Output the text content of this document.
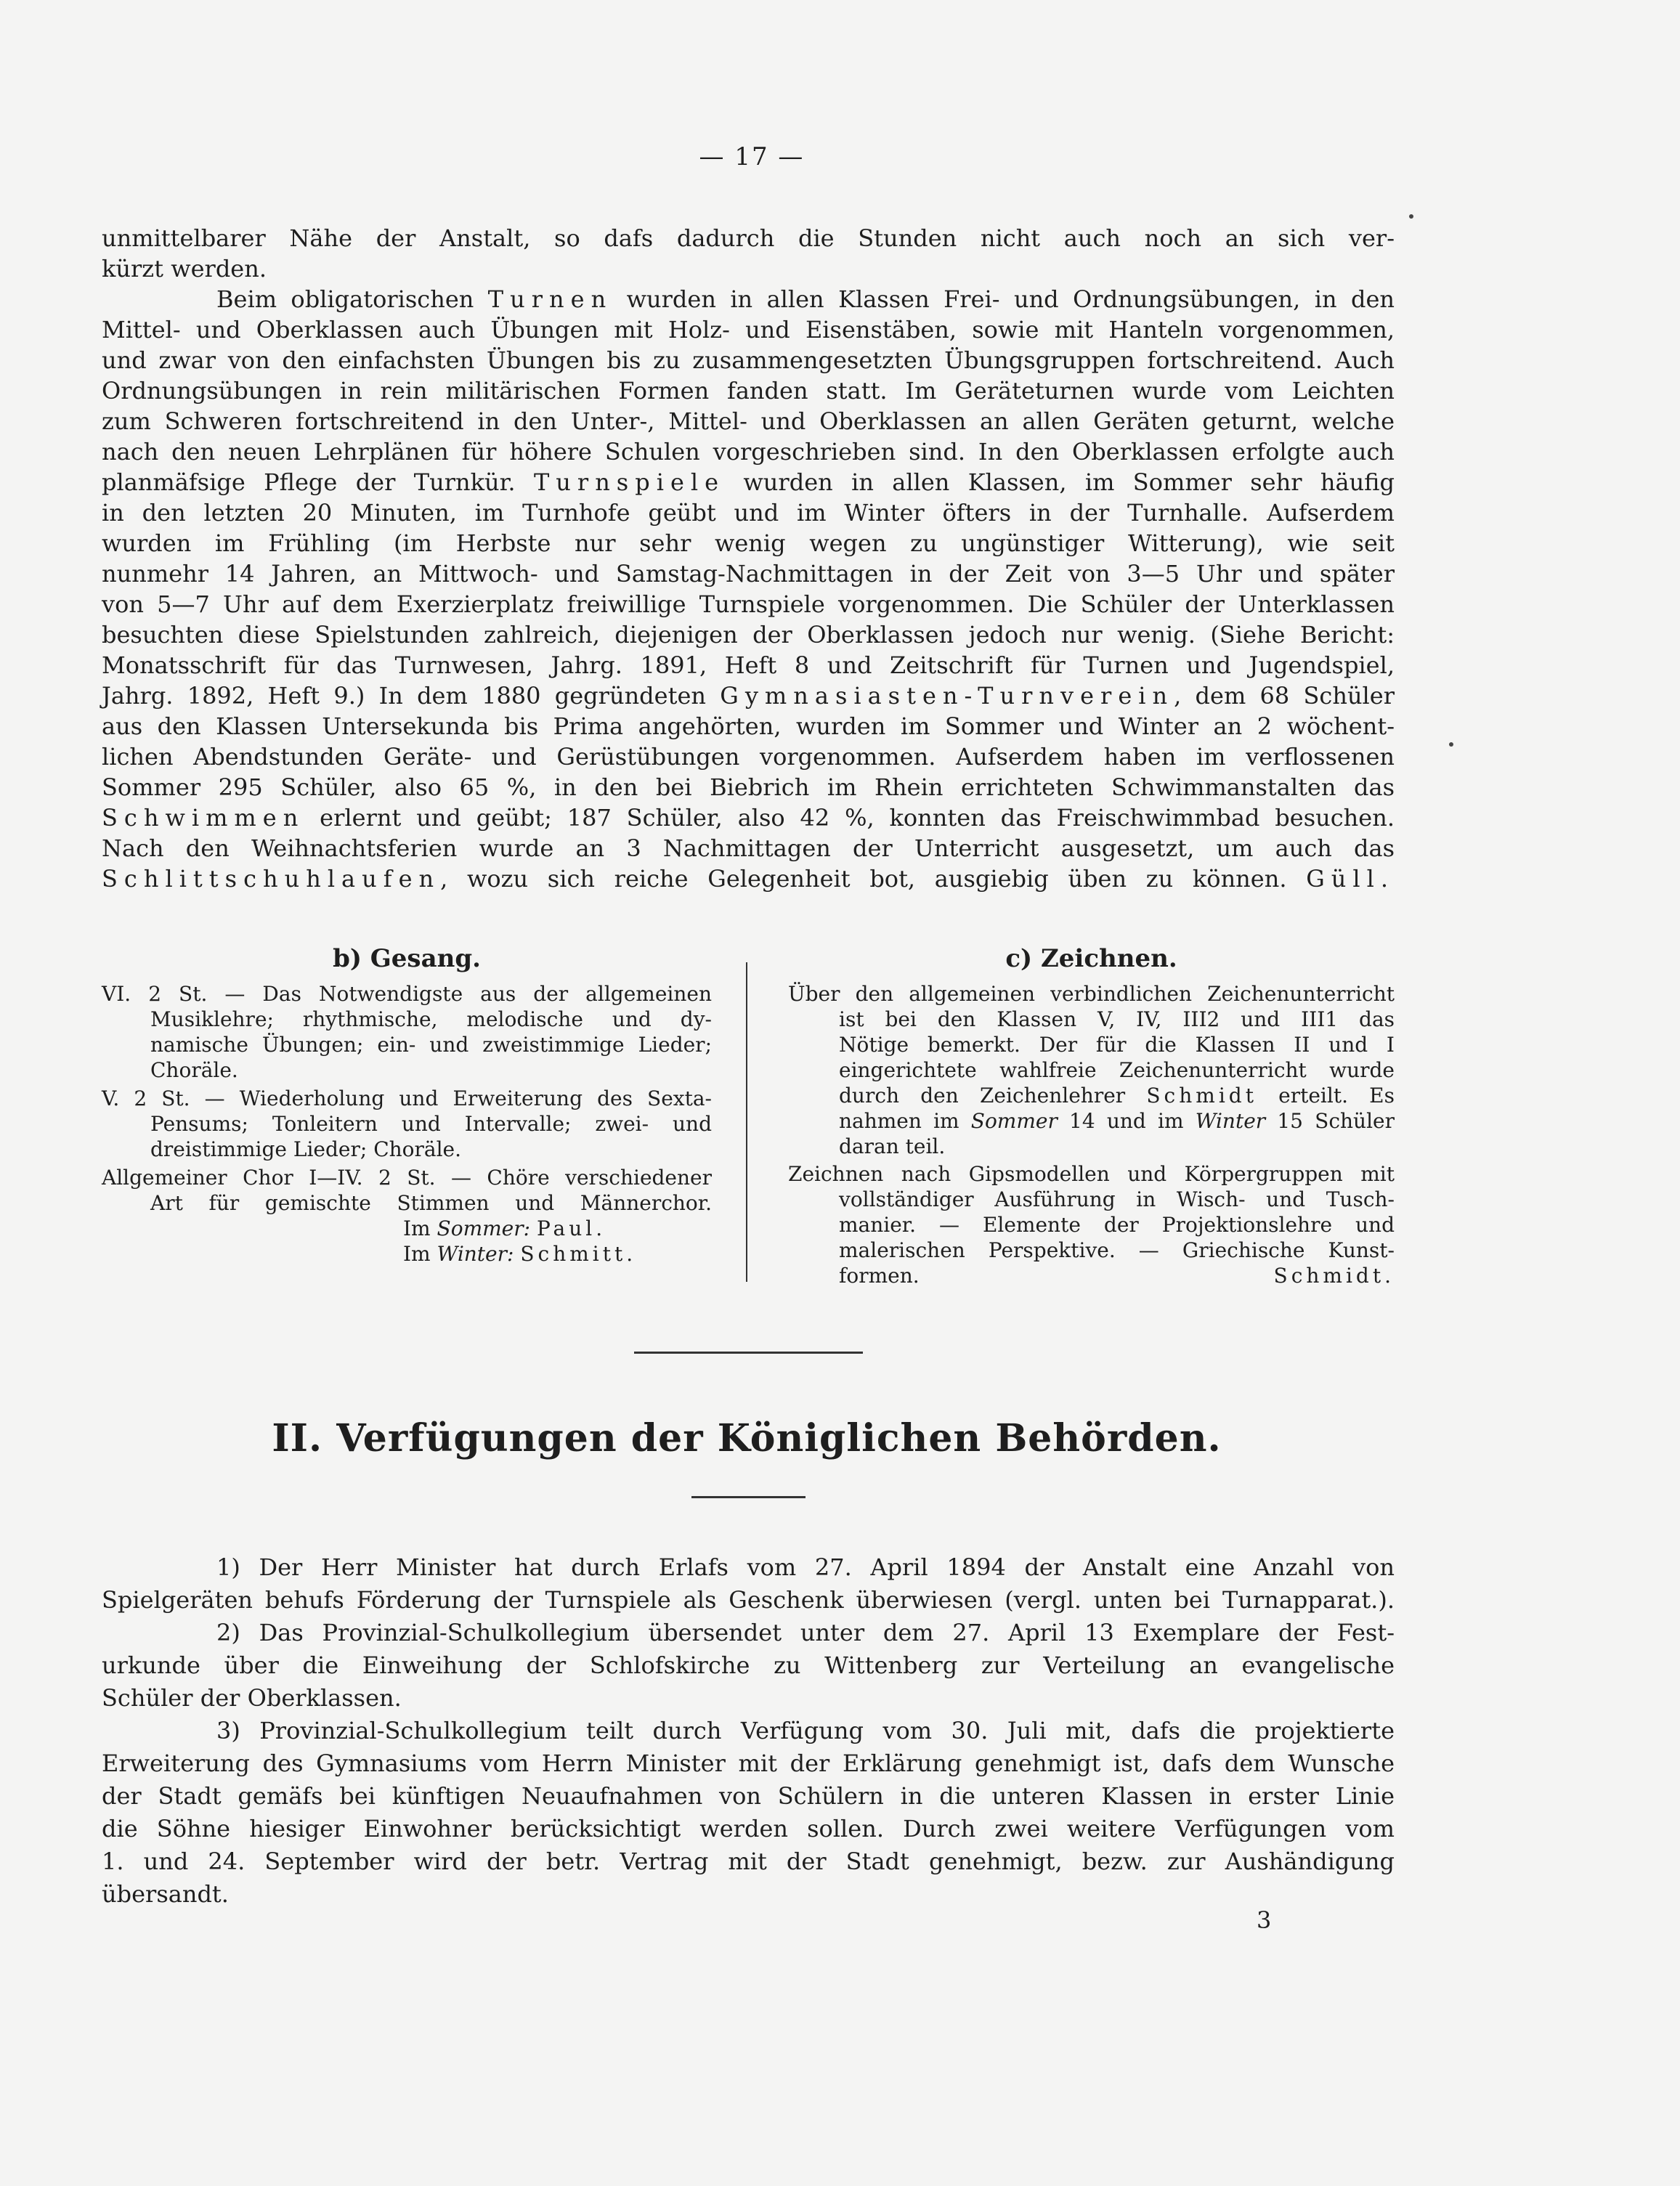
— 17 —
unmittelbarer Nähe der Anstalt, so dafs dadurch die Stunden nicht auch noch an sich ver-
kürzt werden.
Beim obligatorischen Turnen wurden in allen Klassen Frei- und Ordnungsübungen, in den
Mittel- und Oberklassen auch Übungen mit Holz- und Eisenstäben, sowie mit Hanteln vorgenommen,
und zwar von den einfachsten Übungen bis zu zusammengesetzten Übungsgruppen fortschreitend. Auch
Ordnungsübungen in rein militärischen Formen fanden statt. Im Geräteturnen wurde vom Leichten
zum Schweren fortschreitend in den Unter-, Mittel- und Oberklassen an allen Geräten geturnt, welche
nach den neuen Lehrplänen für höhere Schulen vorgeschrieben sind. In den Oberklassen erfolgte auch
planmäfsige Pflege der Turnkür. Turnspiele wurden in allen Klassen, im Sommer sehr häufig
in den letzten 20 Minuten, im Turnhofe geübt und im Winter öfters in der Turnhalle. Aufserdem
wurden im Frühling (im Herbste nur sehr wenig wegen zu ungünstiger Witterung), wie seit
nunmehr 14 Jahren, an Mittwoch- und Samstag-Nachmittagen in der Zeit von 3—5 Uhr und später
von 5—7 Uhr auf dem Exerzierplatz freiwillige Turnspiele vorgenommen. Die Schüler der Unterklassen
besuchten diese Spielstunden zahlreich, diejenigen der Oberklassen jedoch nur wenig. (Siehe Bericht:
Monatsschrift für das Turnwesen, Jahrg. 1891, Heft 8 und Zeitschrift für Turnen und Jugendspiel,
Jahrg. 1892, Heft 9.) In dem 1880 gegründeten Gymnasiasten-Turnverein, dem 68 Schüler
aus den Klassen Untersekunda bis Prima angehörten, wurden im Sommer und Winter an 2 wöchent-
lichen Abendstunden Geräte- und Gerüstübungen vorgenommen. Aufserdem haben im verflossenen
Sommer 295 Schüler, also 65 %, in den bei Biebrich im Rhein errichteten Schwimmanstalten das
Schwimmen erlernt und geübt; 187 Schüler, also 42 %, konnten das Freischwimmbad besuchen.
Nach den Weihnachtsferien wurde an 3 Nachmittagen der Unterricht ausgesetzt, um auch das
Schlittschuhlaufen, wozu sich reiche Gelegenheit bot, ausgiebig üben zu können. Güll.
b) Gesang.
VI. 2 St. — Das Notwendigste aus der allgemeinen
Musiklehre; rhythmische, melodische und dy-
namische Übungen; ein- und zweistimmige Lieder;
Choräle.
V. 2 St. — Wiederholung und Erweiterung des Sexta-
Pensums; Tonleitern und Intervalle; zwei- und
dreistimmige Lieder; Choräle.
Allgemeiner Chor I—IV. 2 St. — Chöre verschiedener
Art für gemischte Stimmen und Männerchor.
Im Sommer: Paul.
Im Winter: Schmitt.
c) Zeichnen.
Über den allgemeinen verbindlichen Zeichenunterricht
ist bei den Klassen V, IV, III2 und III1 das
Nötige bemerkt. Der für die Klassen II und I
eingerichtete wahlfreie Zeichenunterricht wurde
durch den Zeichenlehrer Schmidt erteilt. Es
nahmen im Sommer 14 und im Winter 15 Schüler
daran teil.
Zeichnen nach Gipsmodellen und Körpergruppen mit
vollständiger Ausführung in Wisch- und Tusch-
manier. — Elemente der Projektionslehre und
malerischen Perspektive. — Griechische Kunst-
formen.	Schmidt.
II. Verfügungen der Königlichen Behörden.
1) Der Herr Minister hat durch Erlafs vom 27. April 1894 der Anstalt eine Anzahl von
Spielgeräten behufs Förderung der Turnspiele als Geschenk überwiesen (vergl. unten bei Turnapparat.).
2) Das Provinzial-Schulkollegium übersendet unter dem 27. April 13 Exemplare der Fest-
urkunde über die Einweihung der Schlofskirche zu Wittenberg zur Verteilung an evangelische
Schüler der Oberklassen.
3) Provinzial-Schulkollegium teilt durch Verfügung vom 30. Juli mit, dafs die projektierte
Erweiterung des Gymnasiums vom Herrn Minister mit der Erklärung genehmigt ist, dafs dem Wunsche
der Stadt gemäfs bei künftigen Neuaufnahmen von Schülern in die unteren Klassen in erster Linie
die Söhne hiesiger Einwohner berücksichtigt werden sollen. Durch zwei weitere Verfügungen vom
1. und 24. September wird der betr. Vertrag mit der Stadt genehmigt, bezw. zur Aushändigung
übersandt.
3
